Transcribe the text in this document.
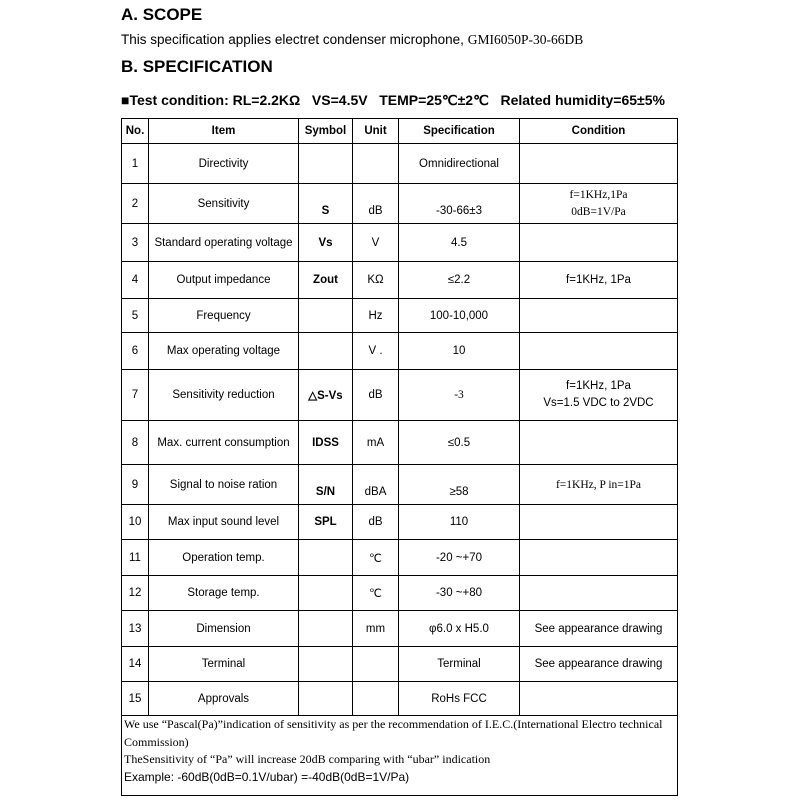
A. SCOPE
This specification applies electret condenser microphone, GMI6050P-30-66DB
B. SPECIFICATION
■Test condition: RL=2.2KΩ   VS=4.5V   TEMP=25℃±2℃   Related humidity=65±5%
No.	Item	Symbol	Unit	Specification	Condition
1	Directivity			Omnidirectional	
2	Sensitivity	S	dB	-30-66±3	f=1KHz,1Pa
0dB=1V/Pa

3	Standard operating voltage	Vs	V	4.5	
4	Output impedance	Zout	KΩ	≤2.2	f=1KHz, 1Pa
5	Frequency		Hz	100-10,000	
6	Max operating voltage		V .	10	
7	Sensitivity reduction	△S-Vs	dB	-3	f=1KHz, 1Pa
Vs=1.5 VDC to 2VDC

8	Max. current consumption	IDSS	mA	≤0.5	
9	Signal to noise ration	S/N	dBA	≥58	f=1KHz, P in=1Pa
10	Max input sound level	SPL	dB	110	
11	Operation temp.		℃	-20 ~+70	
12	Storage temp.		℃	-30 ~+80	
13	Dimension		mm	φ6.0 x H5.0	See appearance drawing
14	Terminal			Terminal	See appearance drawing
15	Approvals			RoHs FCC	

We use “Pascal(Pa)”indication of sensitivity as per the recommendation of I.E.C.(International Electro technical Commission)
TheSensitivity of “Pa” will increase 20dB comparing with “ubar” indication
Example: -60dB(0dB=0.1V/ubar) =-40dB(0dB=1V/Pa)					
